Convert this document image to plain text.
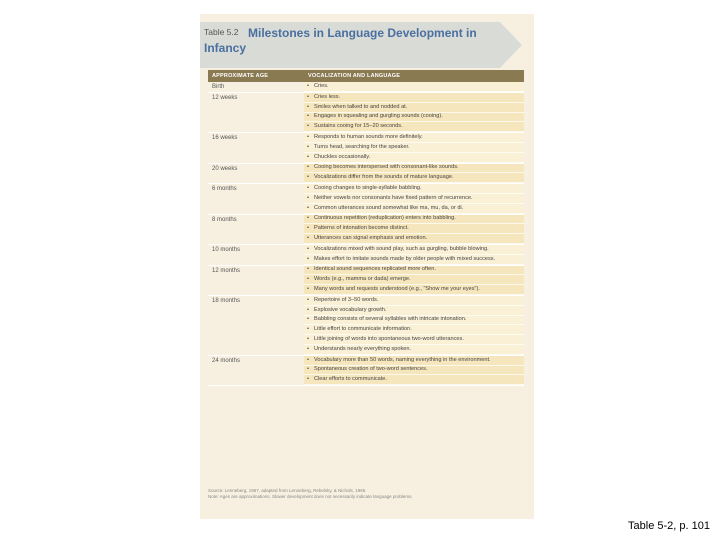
Table 5.2 Milestones in Language Development in Infancy
APPROXIMATE AGE	VOCALIZATION AND LANGUAGE
Birth	• Cries.
12 weeks	• Cries less.
• Smiles when talked to and nodded at.
• Engages in squealing and gurgling sounds (cooing).
• Sustains cooing for 15–20 seconds.
16 weeks	• Responds to human sounds more definitely.
• Turns head, searching for the speaker.
• Chuckles occasionally.
20 weeks	• Cooing becomes interspersed with consonant-like sounds.
• Vocalizations differ from the sounds of mature language.
6 months	• Cooing changes to single-syllable babbling.
• Neither vowels nor consonants have fixed pattern of recurrence.
• Common utterances sound somewhat like ma, mu, da, or di.
8 months	• Continuous repetition (reduplication) enters into babbling.
• Patterns of intonation become distinct.
• Utterances can signal emphasis and emotion.
10 months	• Vocalizations mixed with sound play, such as gurgling, bubble blowing.
• Makes effort to imitate sounds made by older people with mixed success.
12 months	• Identical sound sequences replicated more often.
• Words (e.g., mamma or dada) emerge.
• Many words and requests understood (e.g., "Show me your eyes").
18 months	• Repertoire of 3–50 words.
• Explosive vocabulary growth.
• Babbling consists of several syllables with intricate intonation.
• Little effort to communicate information.
• Little joining of words into spontaneous two-word utterances.
• Understands nearly everything spoken.
24 months	• Vocabulary more than 50 words, naming everything in the environment.
• Spontaneous creation of two-word sentences.
• Clear efforts to communicate.
Source: Lenneberg, 1967, adapted from Lenneberg, Rebelsky, & Nichols, 1965.
Note: Ages are approximations. Slower development does not necessarily indicate language problems.
Table 5-2, p. 101
